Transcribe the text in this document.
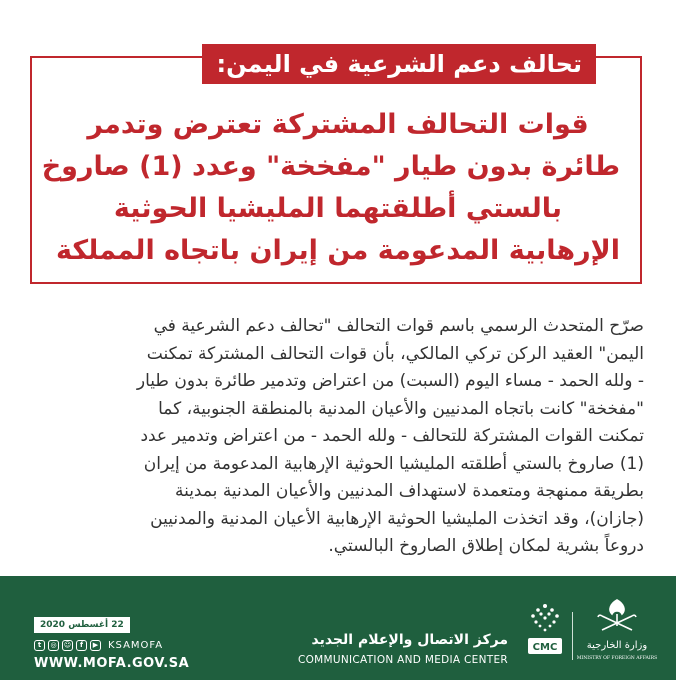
تحالف دعم الشرعية في اليمن:
قوات التحالف المشتركة تعترض وتدمر
طائرة بدون طيار "مفخخة" وعدد (1) صاروخ
بالستي أطلقتهما المليشيا الحوثية
الإرهابية المدعومة من إيران باتجاه المملكة
صرّح المتحدث الرسمي باسم قوات التحالف "تحالف دعم الشرعية في
اليمن" العقيد الركن تركي المالكي، بأن قوات التحالف المشتركة تمكنت
- ولله الحمد - مساء اليوم (السبت) من اعتراض وتدمير طائرة بدون طيار
"مفخخة" كانت باتجاه المدنيين والأعيان المدنية بالمنطقة الجنوبية، كما
تمكنت القوات المشتركة للتحالف - ولله الحمد - من اعتراض وتدمير عدد
(1) صاروخ بالستي أطلقته المليشيا الحوثية الإرهابية المدعومة من إيران
بطريقة ممنهجة ومتعمدة لاستهداف المدنيين والأعيان المدنية بمدينة
(جازان)، وقد اتخذت المليشيا الحوثية الإرهابية الأعيان المدنية والمدنيين
دروعاً بشرية لمكان إطلاق الصاروخ البالستي.
22 أغسطس 2020
t	◎	☺	f	▶ KSAMOFA
WWW.MOFA.GOV.SA
مركز الاتصال والإعلام الجديد
COMMUNICATION AND MEDIA CENTER
CMC	وزارة الخارجية
MINISTRY OF FOREIGN AFFAIRS
